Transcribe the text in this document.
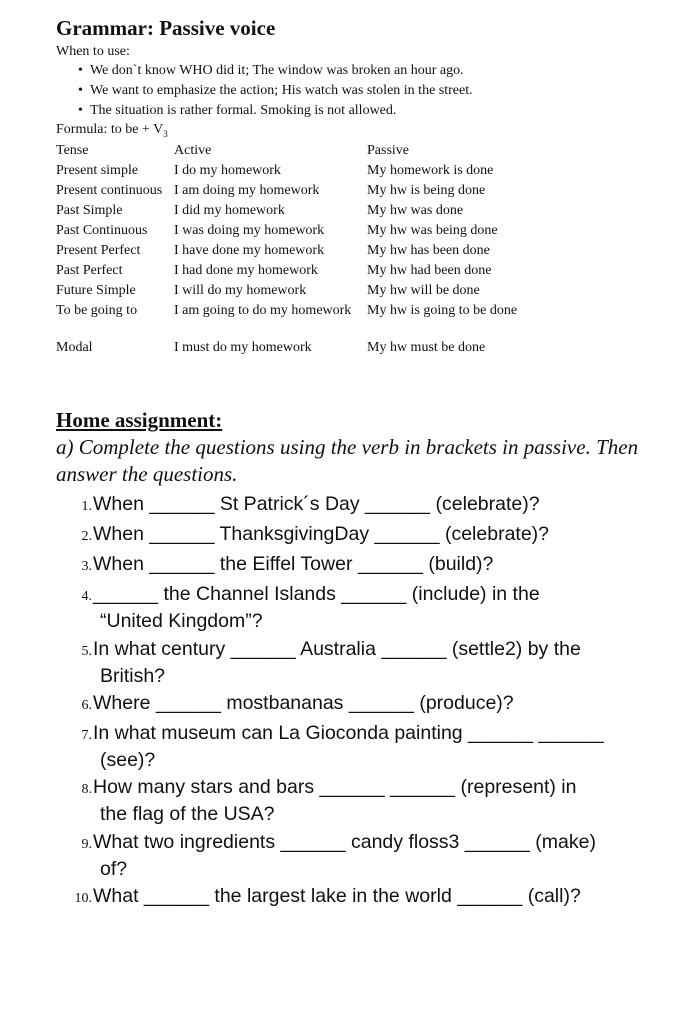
Grammar: Passive voice
When to use:
• We don`t know WHO did it; The window was broken an hour ago.
• We want to emphasize the action; His watch was stolen in the street.
• The situation is rather formal. Smoking is not allowed.
Formula: to be + $V_3$
Tense	Active	Passive
Present simple	I do my homework	My homework is done
Present continuous	I am doing my homework	My hw is being done
Past Simple	I did my homework	My hw was done
Past Continuous	I was doing my homework	My hw was being done
Present Perfect	I have done my homework	My hw has been done
Past Perfect	I had done my homework	My hw had been done
Future Simple	I will do my homework	My hw will be done
To be going to	I am going to do my homework	My hw is going to be done
Modal	I must do my homework	My hw must be done
Home assignment:
a) Complete the questions using the verb in brackets in passive. Then answer the questions.
1.When ______ St Patrick´s Day ______ (celebrate)?
2.When ______ ThanksgivingDay ______ (celebrate)?
3.When ______ the Eiffel Tower ______ (build)?
4.______ the Channel Islands ______ (include) in the
“United Kingdom”?
5.In what century ______ Australia ______ (settle2) by the
British?
6.Where ______ mostbananas ______ (produce)?
7.In what museum can La Gioconda painting ______ ______
(see)?
8.How many stars and bars ______ ______ (represent) in
the flag of the USA?
9.What two ingredients ______ candy floss3 ______ (make)
of?
10.What ______ the largest lake in the world ______ (call)?
